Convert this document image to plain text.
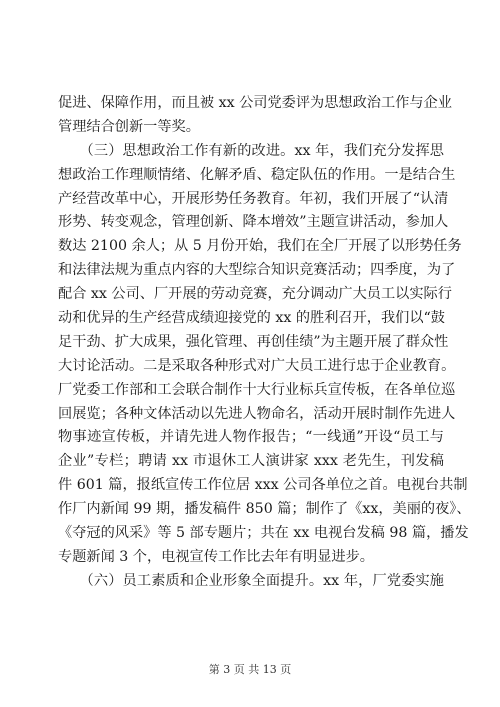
促进、保障作用，而且被 xx 公司党委评为思想政治工作与企业
管理结合创新一等奖。
　　（三）思想政治工作有新的改进。xx 年，我们充分发挥思
想政治工作理顺情绪、化解矛盾、稳定队伍的作用。一是结合生
产经营改革中心，开展形势任务教育。年初，我们开展了“认清
形势、转变观念，管理创新、降本增效”主题宣讲活动，参加人
数达 2100 余人；从 5 月份开始，我们在全厂开展了以形势任务
和法律法规为重点内容的大型综合知识竞赛活动；四季度，为了
配合 xx 公司、厂开展的劳动竞赛，充分调动广大员工以实际行
动和优异的生产经营成绩迎接党的 xx 的胜利召开，我们以“鼓
足干劲、扩大成果，强化管理、再创佳绩”为主题开展了群众性
大讨论活动。二是采取各种形式对广大员工进行忠于企业教育。
厂党委工作部和工会联合制作十大行业标兵宣传板，在各单位巡
回展览；各种文体活动以先进人物命名，活动开展时制作先进人
物事迹宣传板，并请先进人物作报告；“一线通”开设“员工与
企业”专栏；聘请 xx 市退休工人演讲家 xxx 老先生，刊发稿
件 601 篇，报纸宣传工作位居 xxx 公司各单位之首。电视台共制
作厂内新闻 99 期，播发稿件 850 篇；制作了《xx，美丽的夜》、
《夺冠的风采》等 5 部专题片；共在 xx 电视台发稿 98 篇，播发
专题新闻 3 个，电视宣传工作比去年有明显进步。
　　（六）员工素质和企业形象全面提升。xx 年，厂党委实施
第 3 页 共 13 页
